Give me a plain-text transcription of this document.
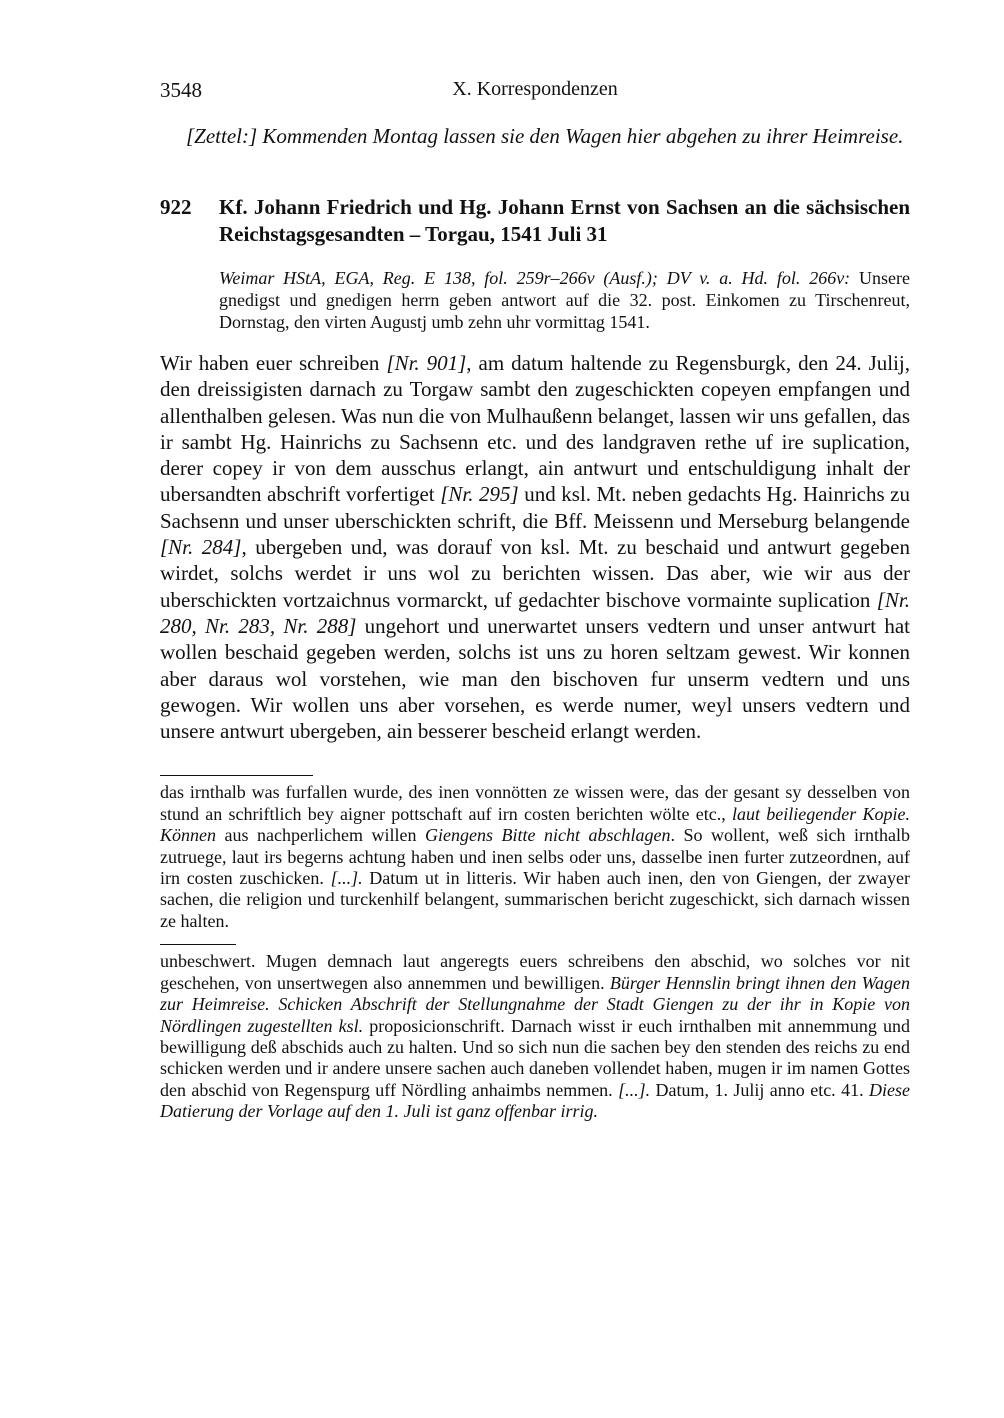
3548	X. Korrespondenzen
[Zettel:] Kommenden Montag lassen sie den Wagen hier abgehen zu ihrer Heimreise.
922 Kf. Johann Friedrich und Hg. Johann Ernst von Sachsen an die sächsischen Reichstagsgesandten – Torgau, 1541 Juli 31
Weimar HStA, EGA, Reg. E 138, fol. 259r–266v (Ausf.); DV v. a. Hd. fol. 266v: Unsere gnedigst und gnedigen herrn geben antwort auf die 32. post. Einkomen zu Tirschenreut, Dornstag, den virten Augustj umb zehn uhr vormittag 1541.
Wir haben euer schreiben [Nr. 901], am datum haltende zu Regensburgk, den 24. Julij, den dreissigisten darnach zu Torgaw sambt den zugeschickten copeyen empfangen und allenthalben gelesen. Was nun die von Mulhaußenn belanget, lassen wir uns gefallen, das ir sambt Hg. Hainrichs zu Sachsenn etc. und des landgraven rethe uf ire suplication, derer copey ir von dem ausschus erlangt, ain antwurt und entschuldigung inhalt der ubersandten abschrift vorfertiget [Nr. 295] und ksl. Mt. neben gedachts Hg. Hainrichs zu Sachsenn und unser uberschickten schrift, die Bff. Meissenn und Merseburg belangende [Nr. 284], ubergeben und, was dorauf von ksl. Mt. zu beschaid und antwurt gegeben wirdet, solchs werdet ir uns wol zu berichten wissen. Das aber, wie wir aus der uberschickten vortzaichnus vormarckt, uf gedachter bischove vormainte suplication [Nr. 280, Nr. 283, Nr. 288] ungehort und unerwartet unsers vedtern und unser antwurt hat wollen beschaid gegeben werden, solchs ist uns zu horen seltzam gewest. Wir konnen aber daraus wol vorstehen, wie man den bischoven fur unserm vedtern und uns gewogen. Wir wollen uns aber vorsehen, es werde numer, weyl unsers vedtern und unsere antwurt ubergeben, ain besserer bescheid erlangt werden.
das irnthalb was furfallen wurde, des inen vonnötten ze wissen were, das der gesant sy desselben von stund an schriftlich bey aigner pottschaft auf irn costen berichten wölte etc., laut beiliegender Kopie. Können aus nachperlichem willen Giengens Bitte nicht abschlagen. So wollent, weß sich irnthalb zutruege, laut irs begerns achtung haben und inen selbs oder uns, dasselbe inen furter zutzeordnen, auf irn costen zuschicken. [...]. Datum ut in litteris. Wir haben auch inen, den von Giengen, der zwayer sachen, die religion und turckenhilf belangent, summarischen bericht zugeschickt, sich darnach wissen ze halten.
unbeschwert. Mugen demnach laut angeregts euers schreibens den abschid, wo solches vor nit geschehen, von unsertwegen also annemmen und bewilligen. Bürger Hennslin bringt ihnen den Wagen zur Heimreise. Schicken Abschrift der Stellungnahme der Stadt Giengen zu der ihr in Kopie von Nördlingen zugestellten ksl. proposicionschrift. Darnach wisst ir euch irnthalben mit annemmung und bewilligung deß abschids auch zu halten. Und so sich nun die sachen bey den stenden des reichs zu end schicken werden und ir andere unsere sachen auch daneben vollendet haben, mugen ir im namen Gottes den abschid von Regenspurg uff Nördling anhaimbs nemmen. [...]. Datum, 1. Julij anno etc. 41. Diese Datierung der Vorlage auf den 1. Juli ist ganz offenbar irrig.
